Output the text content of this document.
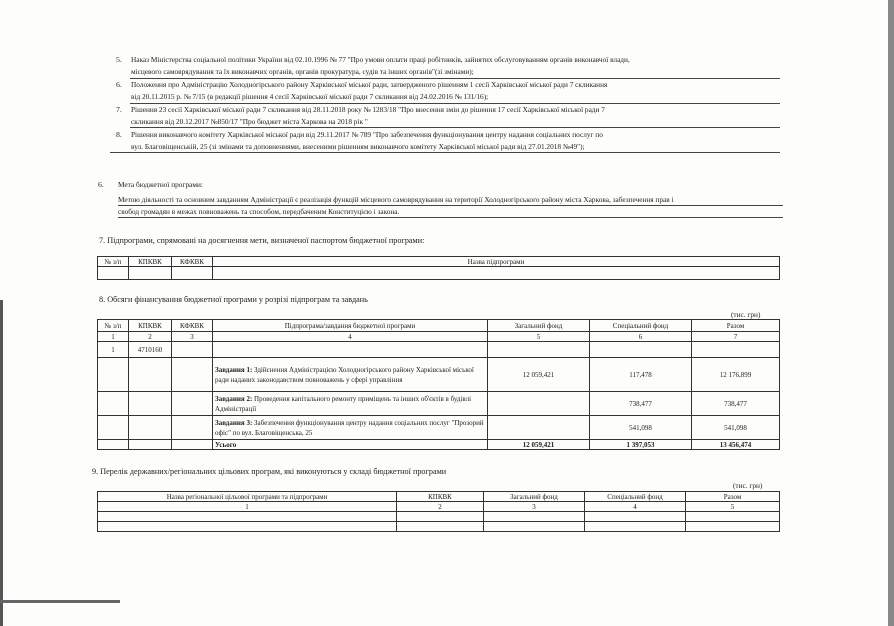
5. Наказ Міністерства соціальної політики України від 02.10.1996 № 77 "Про умови оплати праці робітників, зайнятих обслуговуванням органів виконавчої влади,
місцевого самоврядування та їх виконавчих органів, органів прокуратура, судів та інших органів"(зі змінами);
6. Положення про Адміністрацію Холодногірського району Харківської міської ради, затвердженого рішенням 1 сесії Харківської міської ради 7 скликання
від 20.11.2015 р. № 7/15 (в редакції рішення 4 сесії Харківської міської ради 7 скликання від 24.02.2016 № 131/16);
7. Рішення 23 сесії Харківської міської ради 7 скликання від 28.11.2018 року № 1283/18 "Про внесення змін до рішення 17 сесії Харківської міської ради 7
скликання від 20.12.2017 №850/17 "Про бюджет міста Харкова на 2018 рік "
8. Рішення виконавчого комітету Харківської міської ради від 29.11.2017 № 789 "Про забезпечення функціонування центру надання соціальних послуг по
вул. Благовіщенській, 25 (зі змінами та доповненнями, внесеними рішенням виконавчого комітету Харківської міської ради від 27.01.2018 №49");
6. Мета бюджетної програми:
Метою діяльності та основним завданням Адміністрації є реалізація функцій місцевого самоврядування на території Холодногірського району міста Харкова, забезпечення прав і
свобод громадян в межах повноважень та способом, передбаченим Конституцією і закона.
7. Підпрограми, спрямовані на досягнення мети, визначеної паспортом бюджетної програми:
№ з/п	КПКВК	КФКВК	Назва підпрограми

8. Обсяги фінансування бюджетної програми у розрізі підпрограм та завдань
(тис. грн)
№ з/п	КПКВК	КФКВК	Підпрограма/завдання бюджетної програми	Загальний фонд	Спеціальний фонд	Разом
1	2	3	4	5	6	7
1	4710160					
			Завдання 1: Здійснення Адміністрацією Холодногірського району Харківської міської ради наданих законодавством повноважень у сфері управління	12 059,421	117,478	12 176,899
			Завдання 2: Проведення капітального ремонту приміщень та інших об'єктів в будівлі Адміністрації		738,477	738,477
			Завдання 3: Забезпечення функціонування центру надання соціальних послуг "Прозорий офіс" по вул. Благовіщенська, 25		541,098	541,098
			Усього	12 059,421	1 397,053	13 456,474
9. Перелік державних/регіональних цільових програм, які виконуються у складі бюджетної програми
(тис. грн)
Назва регіональної цільової програми та підпрограми	КПКВК	Загальний фонд	Спеціальний фонд	Разом
1	2	3	4	5
